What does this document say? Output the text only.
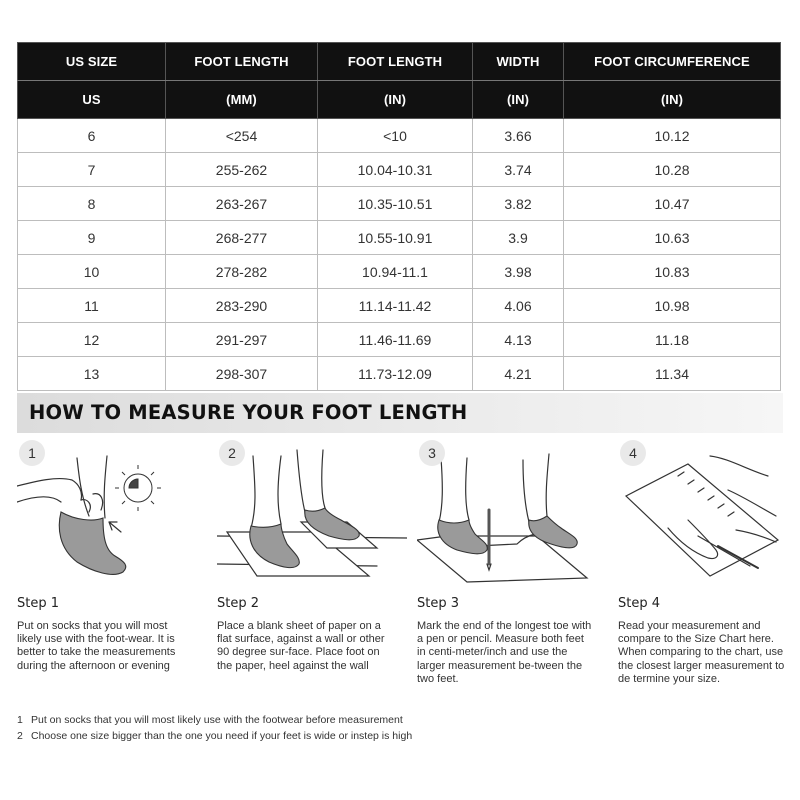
US SIZE	FOOT LENGTH	FOOT LENGTH	WIDTH	FOOT CIRCUMFERENCE
US	(MM)	(IN)	(IN)	(IN)
6	<254	<10	3.66	10.12
7	255-262	10.04-10.31	3.74	10.28
8	263-267	10.35-10.51	3.82	10.47
9	268-277	10.55-10.91	3.9	10.63
10	278-282	10.94-11.1	3.98	10.83
11	283-290	11.14-11.42	4.06	10.98
12	291-297	11.46-11.69	4.13	11.18
13	298-307	11.73-12.09	4.21	11.34
HOW TO MEASURE YOUR FOOT LENGTH
1
Step 1
Put on socks that you will most likely use with the foot-wear. It is better to take the measurements during the afternoon or evening
2
Step 2
Place a blank sheet of paper on a flat surface, against a wall or other 90 degree sur-face. Place foot on the paper, heel against the wall
3
Step 3
Mark the end of the longest toe with a pen or pencil. Measure both feet in centi-meter/inch and use the larger measurement be-tween the two feet.
4
Step 4
Read your measurement and compare to the Size Chart here. When comparing to the chart, use the closest larger measurement to de termine your size.
1 Put on socks that you will most likely use with the footwear before measurement
2 Choose one size bigger than the one you need if your feet is wide or instep is high
